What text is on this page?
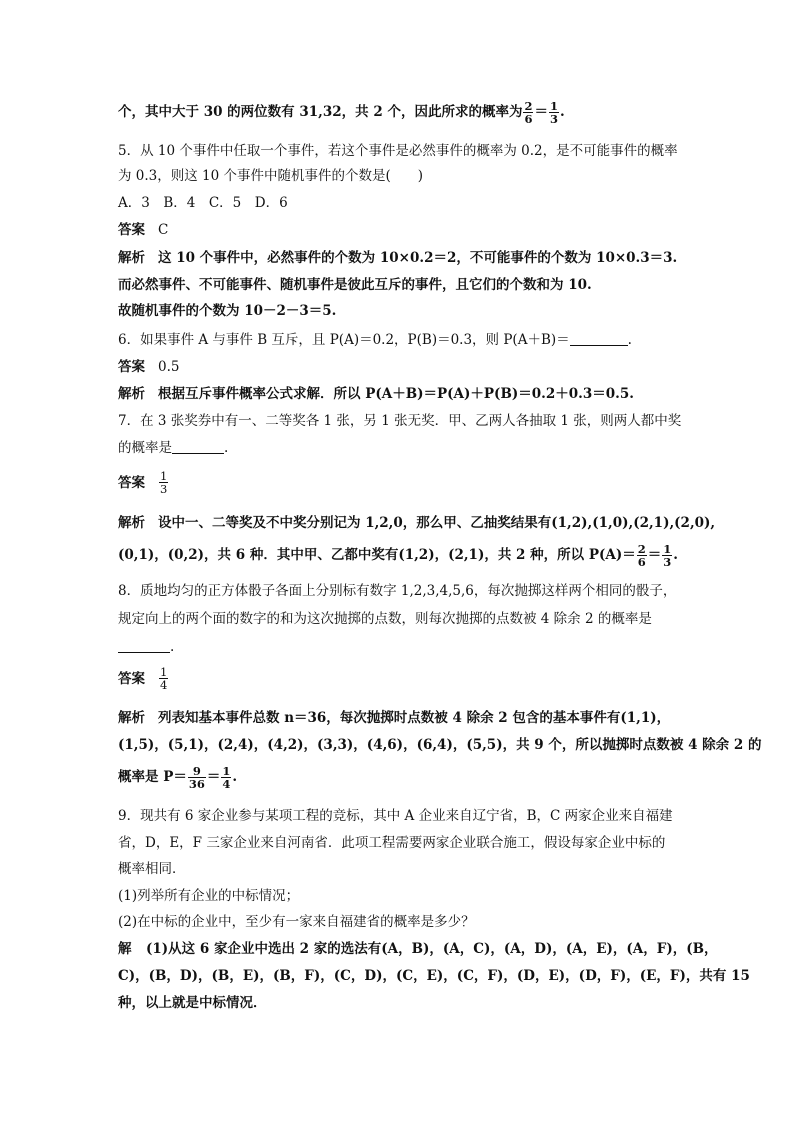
个，其中大于 30 的两位数有 31,32，共 2 个，因此所求的概率为 $\frac{2}{6} = \frac{1}{3}$ .
5．从 10 个事件中任取一个事件，若这个事件是必然事件的概率为 0.2，是不可能事件的概率
为 0.3，则这 10 个事件中随机事件的个数是(　　)
A．3　B．4　C．5　D．6
答案 C
解析 这 10 个事件中，必然事件的个数为 10×0.2＝2，不可能事件的个数为 10×0.3＝3.
而必然事件、不可能事件、随机事件是彼此互斥的事件，且它们的个数和为 10.
故随机事件的个数为 10－2－3＝5.
6．如果事件 A 与事件 B 互斥，且 P(A)＝0.2，P(B)＝0.3，则 P(A＋B)＝	.
答案 0.5
解析 根据互斥事件概率公式求解．所以 P(A＋B)＝P(A)＋P(B)＝0.2＋0.3＝0.5.
7．在 3 张奖券中有一、二等奖各 1 张，另 1 张无奖．甲、乙两人各抽取 1 张，则两人都中奖
的概率是	.
答案 $\frac{1}{3}$
解析 设中一、二等奖及不中奖分别记为 1,2,0，那么甲、乙抽奖结果有(1,2),(1,0),(2,1),(2,0),
(0,1)，(0,2)，共 6 种．其中甲、乙都中奖有(1,2)，(2,1)，共 2 种，所以 $P(A)= \frac{2}{6} = \frac{1}{3}$ .
8．质地均匀的正方体骰子各面上分别标有数字 1,2,3,4,5,6，每次抛掷这样两个相同的骰子，
规定向上的两个面的数字的和为这次抛掷的点数，则每次抛掷的点数被 4 除余 2 的概率是
.
答案 $\frac{1}{4}$
解析 列表知基本事件总数 n＝36，每次抛掷时点数被 4 除余 2 包含的基本事件有(1,1)，
(1,5)，(5,1)，(2,4)，(4,2)，(3,3)，(4,6)，(6,4)，(5,5)，共 9 个，所以抛掷时点数被 4 除余 2 的
概率是 $P= \frac{9}{36} = \frac{1}{4}$ .
9．现共有 6 家企业参与某项工程的竞标，其中 A 企业来自辽宁省，B，C 两家企业来自福建
省，D，E，F 三家企业来自河南省．此项工程需要两家企业联合施工，假设每家企业中标的
概率相同．
(1)列举所有企业的中标情况；
(2)在中标的企业中，至少有一家来自福建省的概率是多少？
解 (1)从这 6 家企业中选出 2 家的选法有(A，B)，(A，C)，(A，D)，(A，E)，(A，F)，(B，
C)，(B，D)，(B，E)，(B，F)，(C，D)，(C，E)，(C，F)，(D，E)，(D，F)，(E，F)，共有 15
种，以上就是中标情况．
